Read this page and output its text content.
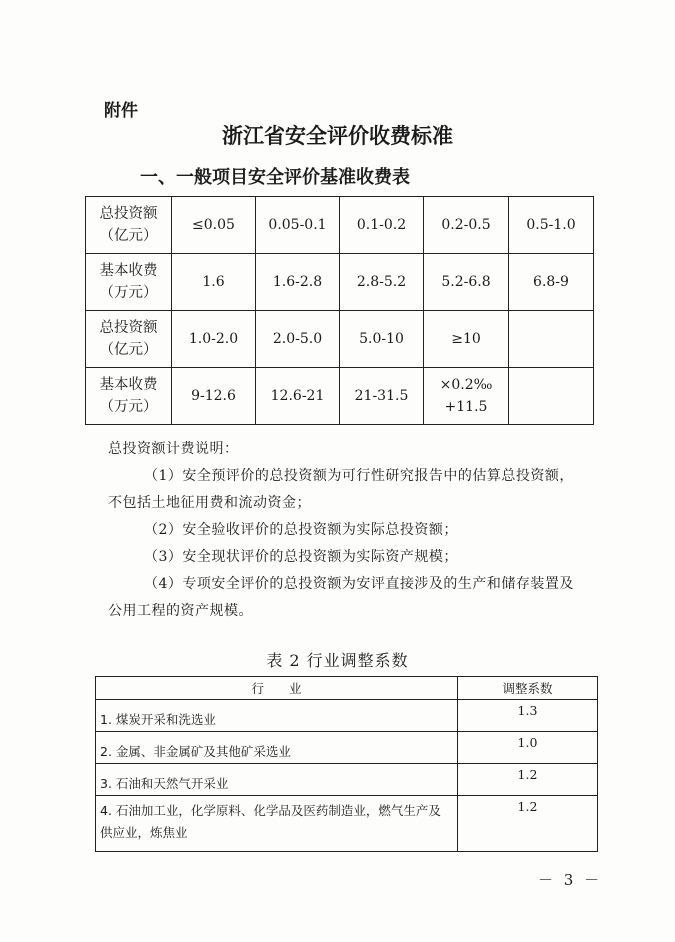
附件
浙江省安全评价收费标准
一、一般项目安全评价基准收费表
总投资额
（亿元）	≤0.05	0.05-0.1	0.1-0.2	0.2-0.5	0.5-1.0
基本收费
（万元）	1.6	1.6-2.8	2.8-5.2	5.2-6.8	6.8-9
总投资额
（亿元）	1.0-2.0	2.0-5.0	5.0-10	≥10	
基本收费
（万元）	9-12.6	12.6-21	21-31.5	×0.2‰
+11.5	

总投资额计费说明：

（1）安全预评价的总投资额为可行性研究报告中的估算总投资额，不包括土地征用费和流动资金；

（2）安全验收评价的总投资额为实际总投资额；

（3）安全现状评价的总投资额为实际资产规模；

（4）专项安全评价的总投资额为安评直接涉及的生产和储存装置及公用工程的资产规模。

表 2 行业调整系数
行　　业	调整系数
1. 煤炭开采和洗选业	1.3
2. 金属、非金属矿及其他矿采选业	1.0
3. 石油和天然气开采业	1.2
4. 石油加工业，化学原料、化学品及医药制造业，燃气生产及供应业，炼焦业	1.2
－ 3 －
